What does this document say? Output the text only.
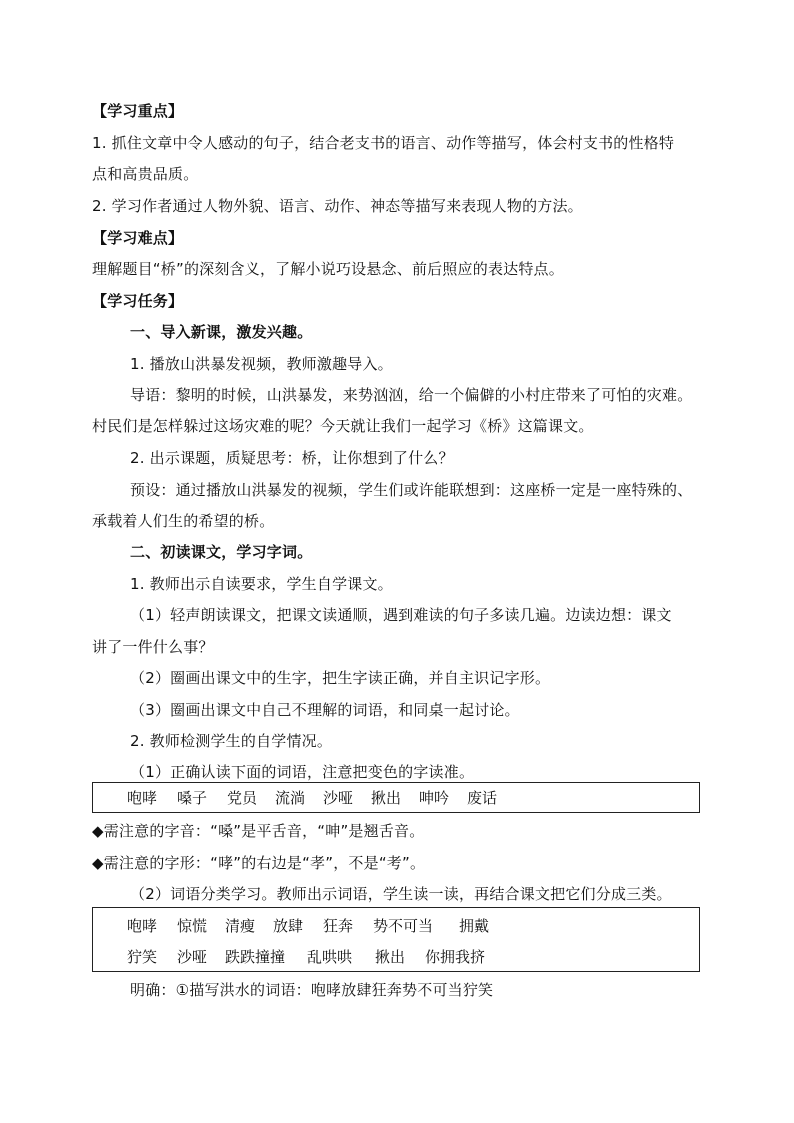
【学习重点】
1. 抓住文章中令人感动的句子，结合老支书的语言、动作等描写，体会村支书的性格特
点和高贵品质。
2. 学习作者通过人物外貌、语言、动作、神态等描写来表现人物的方法。
【学习难点】
理解题目“桥”的深刻含义，了解小说巧设悬念、前后照应的表达特点。
【学习任务】
一、导入新课，激发兴趣。
1. 播放山洪暴发视频，教师激趣导入。
导语：黎明的时候，山洪暴发，来势汹汹，给一个偏僻的小村庄带来了可怕的灾难。
村民们是怎样躲过这场灾难的呢？今天就让我们一起学习《桥》这篇课文。
2. 出示课题，质疑思考：桥，让你想到了什么？
预设：通过播放山洪暴发的视频，学生们或许能联想到：这座桥一定是一座特殊的、
承载着人们生的希望的桥。
二、初读课文，学习字词。
1. 教师出示自读要求，学生自学课文。
（1）轻声朗读课文，把课文读通顺，遇到难读的句子多读几遍。边读边想：课文
讲了一件什么事？
（2）圈画出课文中的生字，把生字读正确，并自主识记字形。
（3）圈画出课文中自己不理解的词语，和同桌一起讨论。
2. 教师检测学生的自学情况。
（1）正确认读下面的词语，注意把变色的字读准。
咆哮 嗓子 党员 流淌 沙哑 揪出 呻吟 废话
◆需注意的字音：“嗓”是平舌音，“呻”是翘舌音。
◆需注意的字形：“哮”的右边是“孝”，不是“考”。
（2）词语分类学习。教师出示词语，学生读一读，再结合课文把它们分成三类。
咆哮 惊慌 清瘦 放肆 狂奔 势不可当 拥戴
狞笑 沙哑 跌跌撞撞 乱哄哄 揪出 你拥我挤
明确：①描写洪水的词语：咆哮放肆狂奔势不可当狞笑
